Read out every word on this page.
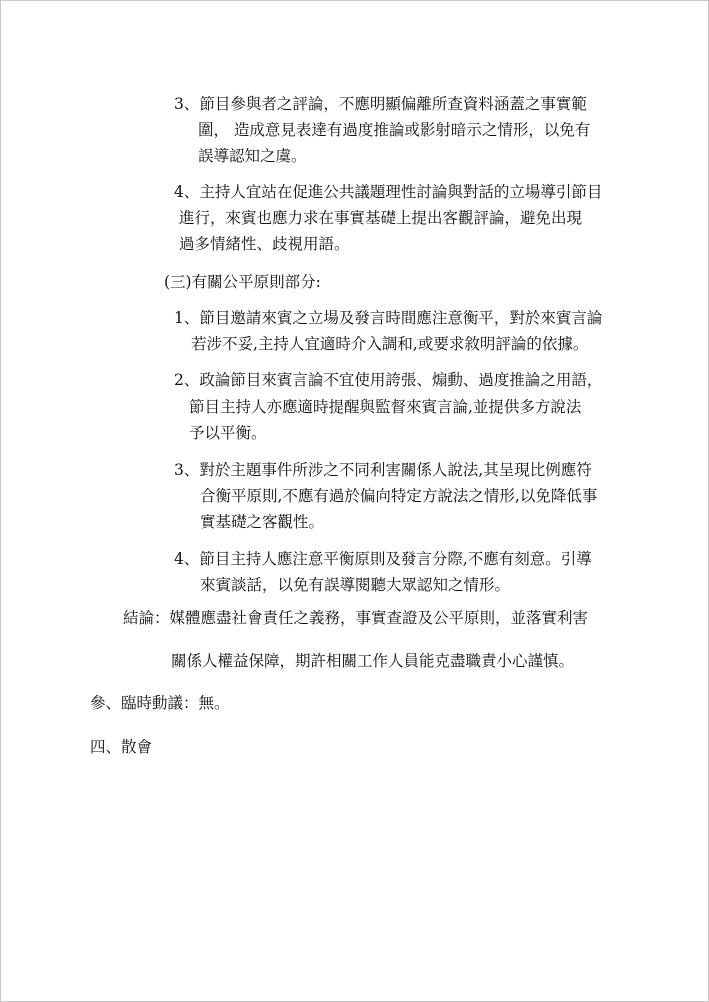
3、節目參與者之評論，不應明顯偏離所查資料涵蓋之事實範
圍， 造成意見表達有過度推論或影射暗示之情形，以免有
誤導認知之虞。
4、主持人宜站在促進公共議題理性討論與對話的立場導引節目
進行，來賓也應力求在事實基礎上提出客觀評論，避免出現
過多情緒性、歧視用語。
(三)有關公平原則部分:
1、節目邀請來賓之立場及發言時間應注意衡平，對於來賓言論
若涉不妥,主持人宜適時介入調和,或要求敘明評論的依據。
2、政論節目來賓言論不宜使用誇張、煽動、過度推論之用語，
節目主持人亦應適時提醒與監督來賓言論,並提供多方說法
予以平衡。
3、對於主題事件所涉之不同利害關係人說法,其呈現比例應符
合衡平原則,不應有過於偏向特定方說法之情形,以免降低事
實基礎之客觀性。
4、節目主持人應注意平衡原則及發言分際,不應有刻意。引導
來賓談話，以免有誤導閱聽大眾認知之情形。
結論：媒體應盡社會責任之義務，事實查證及公平原則，並落實利害
關係人權益保障，期許相關工作人員能克盡職責小心謹慎。
參、臨時動議：無。
四、散會
